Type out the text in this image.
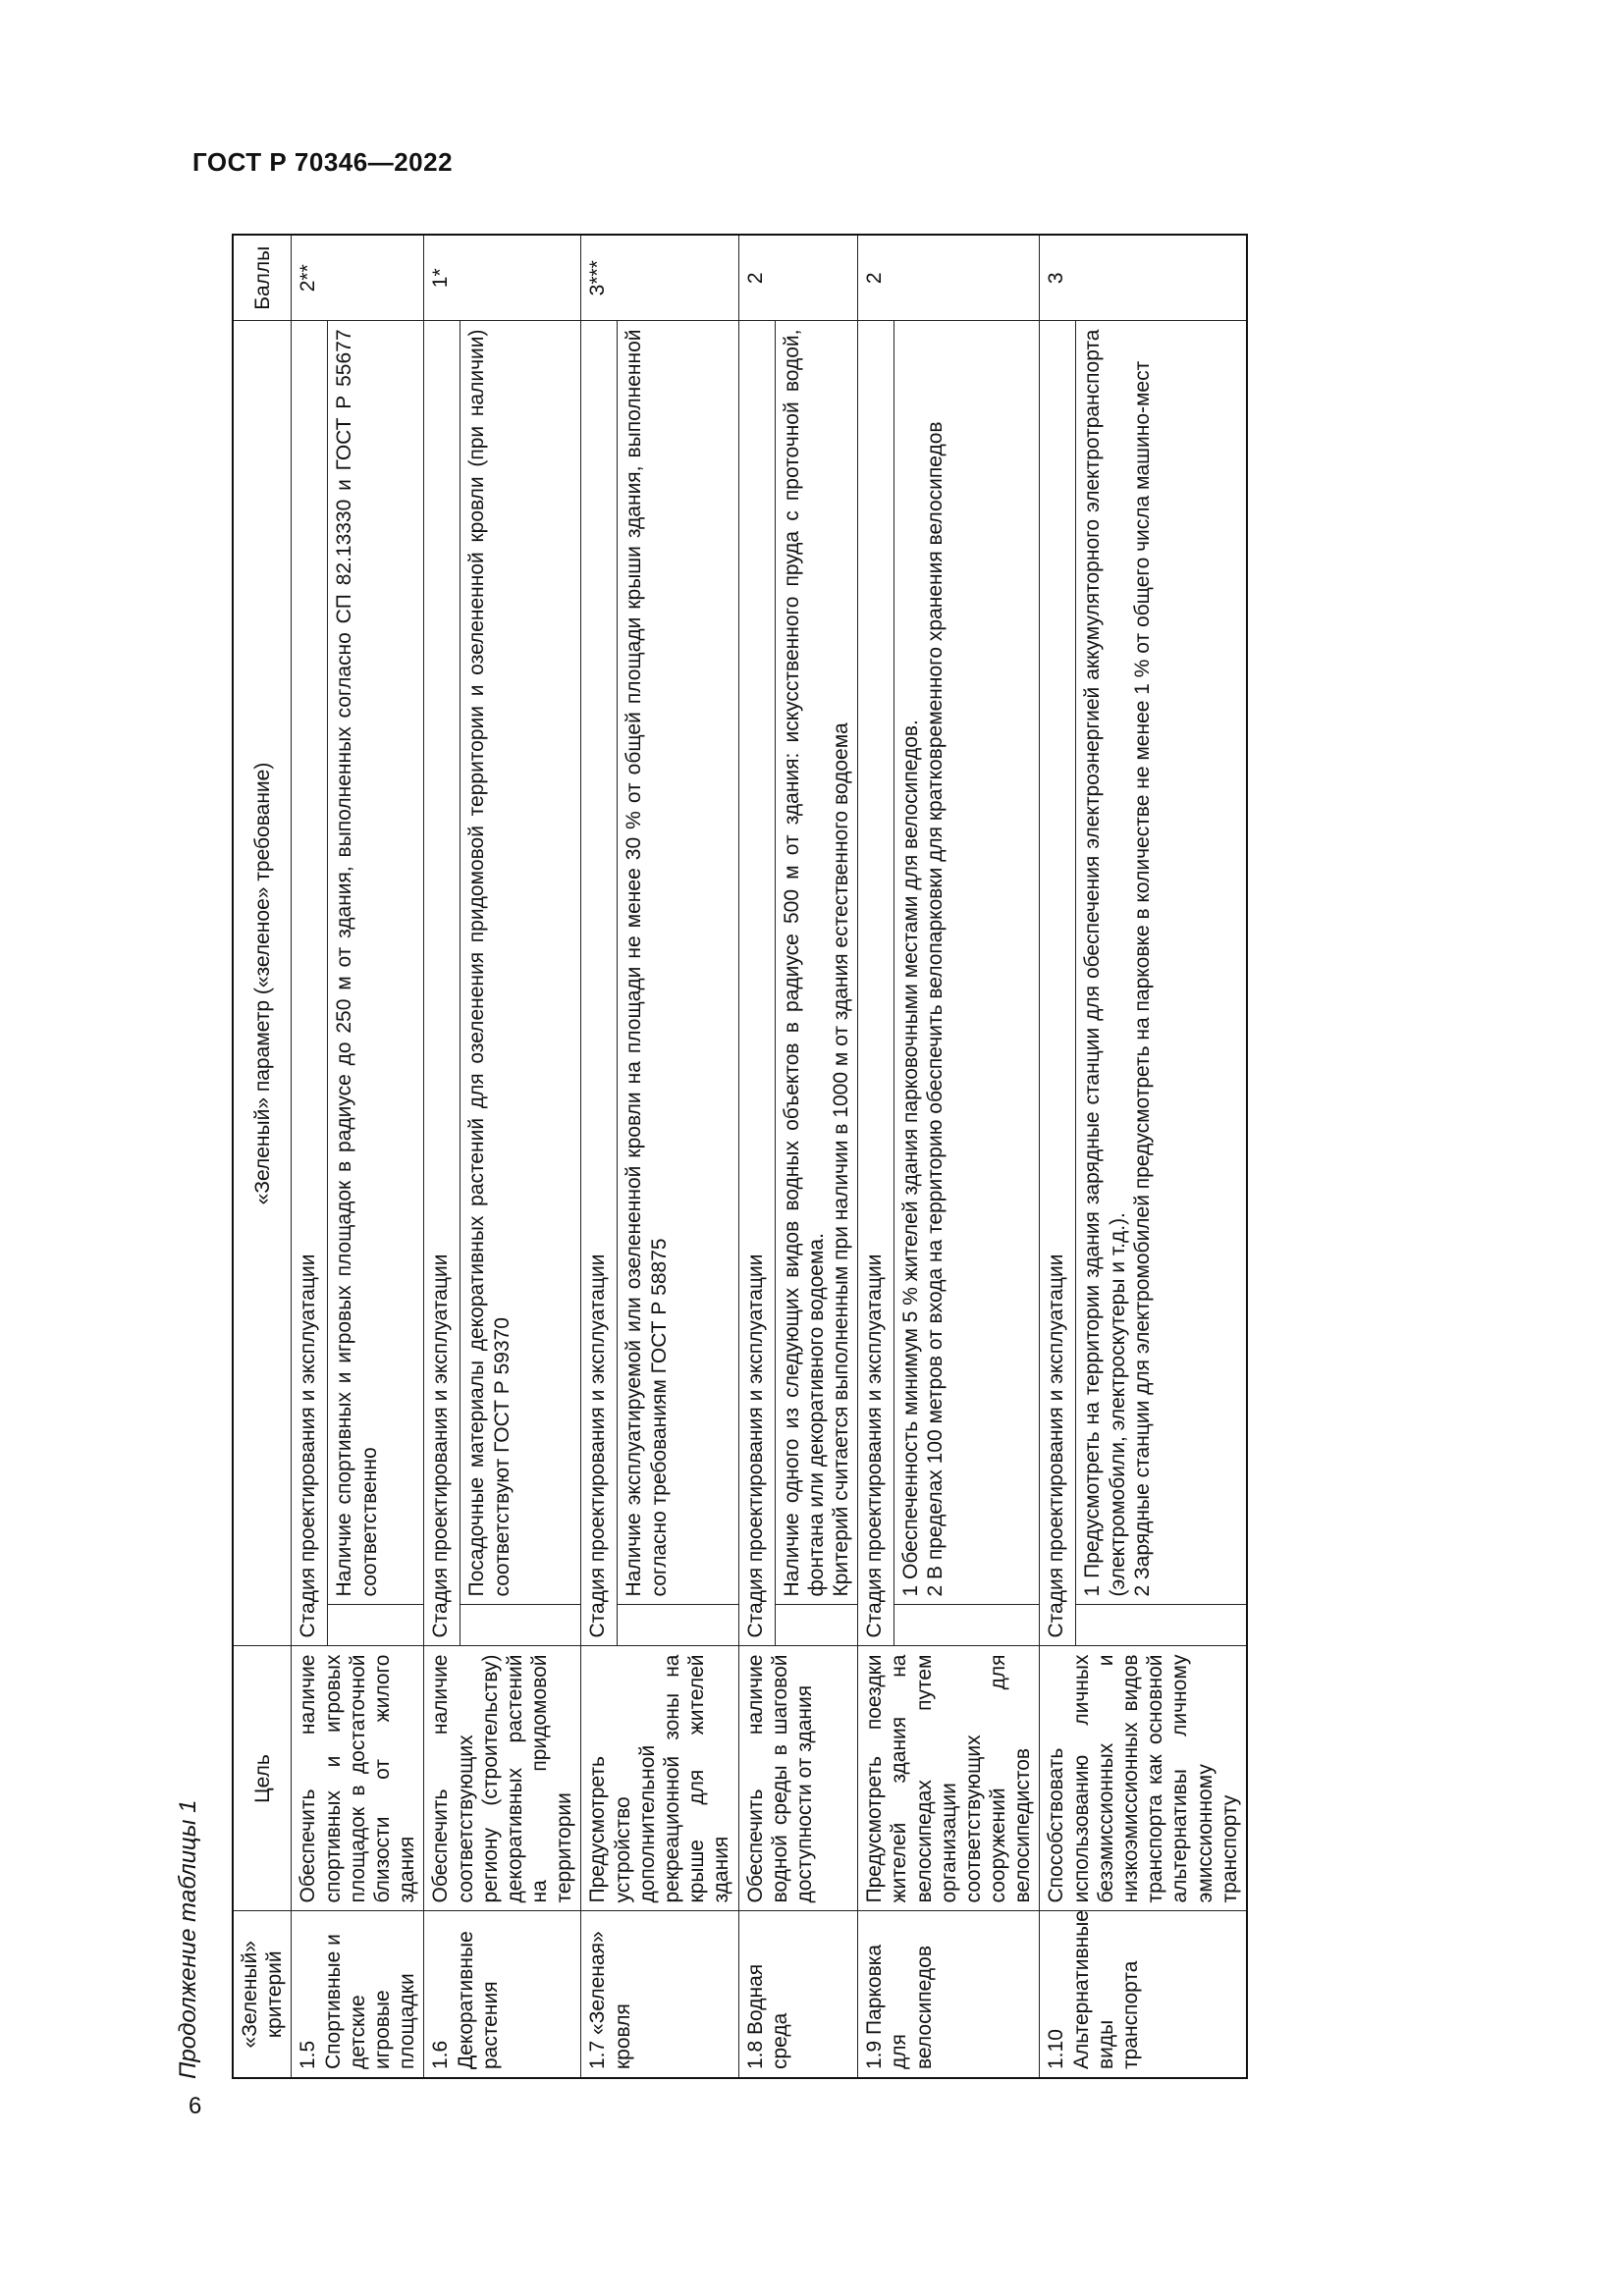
ГОСТ Р 70346—2022
Продолжение таблицы 1 «Зеленый» критерий	Цель	«Зеленый» параметр («зеленое» требование)		Баллы
1.5 Спортивные и детские игровые площадки	Обеспечить наличие спортивных и игровых площадок в достаточной близости от жилого здания	Стадия проектирования и эксплуатации		2**
			Наличие спортивных и игровых площадок в радиусе до 250 м от здания, выполненных согласно СП 82.13330 и ГОСТ Р 55677 соответственно	
1.6 Декоративные растения	Обеспечить наличие соответствующих региону (строительству) декоративных растений на придомовой территории	Стадия проектирования и эксплуатации		1*
			Посадочные материалы декоративных растений для озеленения придомовой территории и озелененной кровли (при наличии) соответствуют ГОСТ Р 59370	
1.7 «Зеленая» кровля	Предусмотреть устройство дополнительной рекреационной зоны на крыше для жителей здания	Стадия проектирования и эксплуатации		3***
			Наличие эксплуатируемой или озелененной кровли на площади не менее 30 % от общей площади крыши здания, выполненной согласно требованиям ГОСТ Р 58875	
1.8 Водная среда	Обеспечить наличие водной среды в шаговой доступности от здания	Стадия проектирования и эксплуатации		2
			Наличие одного из следующих видов водных объектов в радиусе 500 м от здания: искусственного пруда с проточной водой, фонтана или декоративного водоема.
Критерий считается выполненным при наличии в 1000 м от здания естественного водоема	
1.9 Парковка для велосипедов	Предусмотреть поездки жителей здания на велосипедах путем организации соответствующих сооружений для велосипедистов	Стадия проектирования и эксплуатации		2
			1 Обеспеченность минимум 5 % жителей здания парковочными местами для велосипедов.
2 В пределах 100 метров от входа на территорию обеспечить велопарковки для кратковременного хранения велосипедов	
1.10 Альтернативные виды транспорта	Способствовать использованию личных безэмиссионных и низкоэмиссионных видов транспорта как основной альтернативы личному эмиссионному транспорту	Стадия проектирования и эксплуатации		3
			1 Предусмотреть на территории здания зарядные станции для обеспечения электроэнергией аккумуляторного электротранспорта (электромобили, электроскутеры и т.д.).
2 Зарядные станции для электромобилей предусмотреть на парковке в количестве не менее 1 % от общего числа машино-мест	
6
